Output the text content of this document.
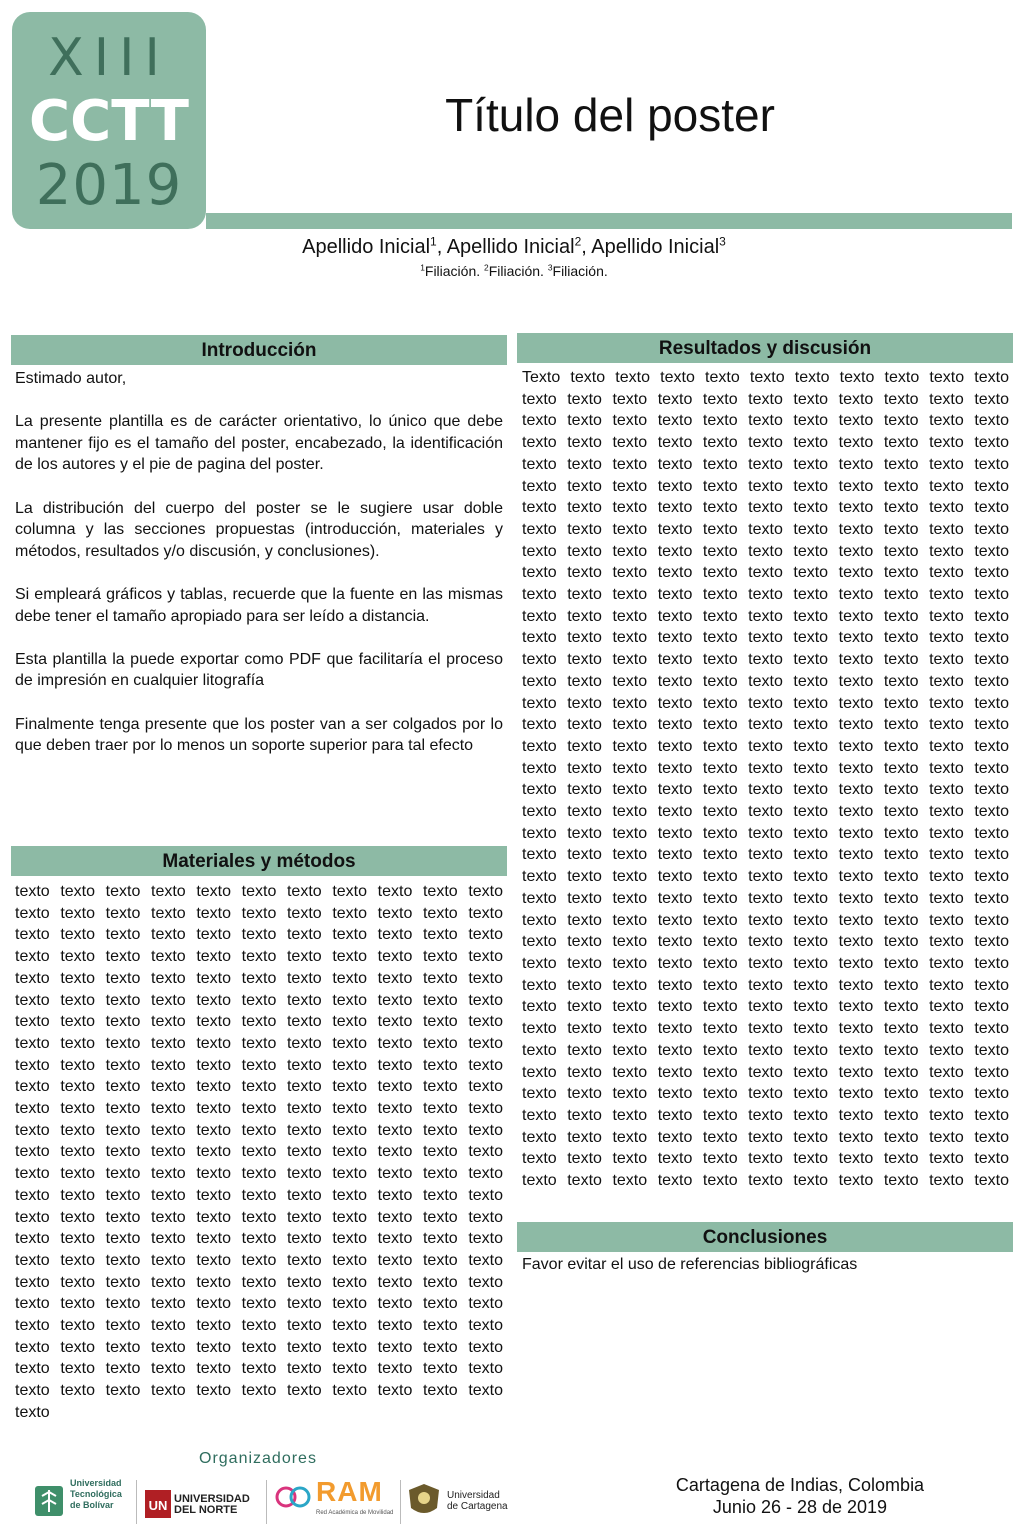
XIII
CCTT
2019
Título del poster
Apellido Inicial$^1$, Apellido Inicial$^2$, Apellido Inicial$^3$
$^1$Filiación. $^2$Filiación. $^3$Filiación.
Introducción

Estimado autor,

La presente plantilla es de carácter orientativo, lo único que debe mantener fijo es el tamaño del poster, encabezado, la identificación de los autores y el pie de pagina del poster.

La distribución del cuerpo del poster se le sugiere usar doble columna y las secciones propuestas (introducción, materiales y métodos, resultados y/o discusión, y conclusiones).

Si empleará gráficos y tablas, recuerde que la fuente en las mismas debe tener el tamaño apropiado para ser leído a distancia.

Esta plantilla la puede exportar como PDF que facilitaría el proceso de impresión en cualquier litografía

Finalmente tenga presente que los poster van a ser colgados por lo que deben traer por lo menos un soporte superior para tal efecto

Materiales y métodos
texto texto texto texto texto texto texto texto texto texto texto texto texto texto texto texto texto texto texto texto texto texto texto texto texto texto texto texto texto texto texto texto texto texto texto texto texto texto texto texto texto texto texto texto texto texto texto texto texto texto texto texto texto texto texto texto texto texto texto texto texto texto texto texto texto texto texto texto texto texto texto texto texto texto texto texto texto texto texto texto texto texto texto texto texto texto texto texto texto texto texto texto texto texto texto texto texto texto texto texto texto texto texto texto texto texto texto texto texto texto texto texto texto texto texto texto texto texto texto texto texto texto texto texto texto texto texto texto texto texto texto texto texto texto texto texto texto texto texto texto texto texto texto texto texto texto texto texto texto texto texto texto texto texto texto texto texto texto texto texto texto texto texto texto texto texto texto texto texto texto texto texto texto texto texto texto texto texto texto texto texto texto texto texto texto texto texto texto texto texto texto texto texto texto texto texto texto texto texto texto texto texto texto texto texto texto texto texto texto texto texto texto texto texto texto texto texto texto texto texto texto texto texto texto texto texto texto texto texto texto texto texto texto texto texto texto texto texto texto texto texto texto texto texto texto texto texto texto texto texto texto texto texto texto texto texto texto texto texto texto texto texto texto texto texto
Resultados y discusión
Texto texto texto texto texto texto texto texto texto texto texto texto texto texto texto texto texto texto texto texto texto texto texto texto texto texto texto texto texto texto texto texto texto texto texto texto texto texto texto texto texto texto texto texto texto texto texto texto texto texto texto texto texto texto texto texto texto texto texto texto texto texto texto texto texto texto texto texto texto texto texto texto texto texto texto texto texto texto texto texto texto texto texto texto texto texto texto texto texto texto texto texto texto texto texto texto texto texto texto texto texto texto texto texto texto texto texto texto texto texto texto texto texto texto texto texto texto texto texto texto texto texto texto texto texto texto texto texto texto texto texto texto texto texto texto texto texto texto texto texto texto texto texto texto texto texto texto texto texto texto texto texto texto texto texto texto texto texto texto texto texto texto texto texto texto texto texto texto texto texto texto texto texto texto texto texto texto texto texto texto texto texto texto texto texto texto texto texto texto texto texto texto texto texto texto texto texto texto texto texto texto texto texto texto texto texto texto texto texto texto texto texto texto texto texto texto texto texto texto texto texto texto texto texto texto texto texto texto texto texto texto texto texto texto texto texto texto texto texto texto texto texto texto texto texto texto texto texto texto texto texto texto texto texto texto texto texto texto texto texto texto texto texto texto texto texto texto texto texto texto texto texto texto texto texto texto texto texto texto texto texto texto texto texto texto texto texto texto texto texto texto texto texto texto texto texto texto texto texto texto texto texto texto texto texto texto texto texto texto texto texto texto texto texto texto texto texto texto texto texto texto texto texto texto texto texto texto texto texto texto texto texto texto texto texto texto texto texto texto texto texto texto texto texto texto texto texto texto texto texto texto texto texto texto texto texto texto texto texto texto texto texto texto texto texto texto texto texto texto texto texto texto texto texto texto texto texto texto texto texto texto texto texto texto texto texto texto texto texto texto texto texto texto texto texto texto texto texto texto texto texto texto texto texto texto texto texto texto texto texto texto texto texto texto texto texto texto texto
Conclusiones
Favor evitar el uso de referencias bibliográficas
Organizadores
Universidad Tecnológica de Bolívar	UN UNIVERSIDAD DEL NORTE
RAM
Red Académica de Movilidad
Universidad de Cartagena
Cartagena de Indias, Colombia
Junio 26 - 28 de 2019
